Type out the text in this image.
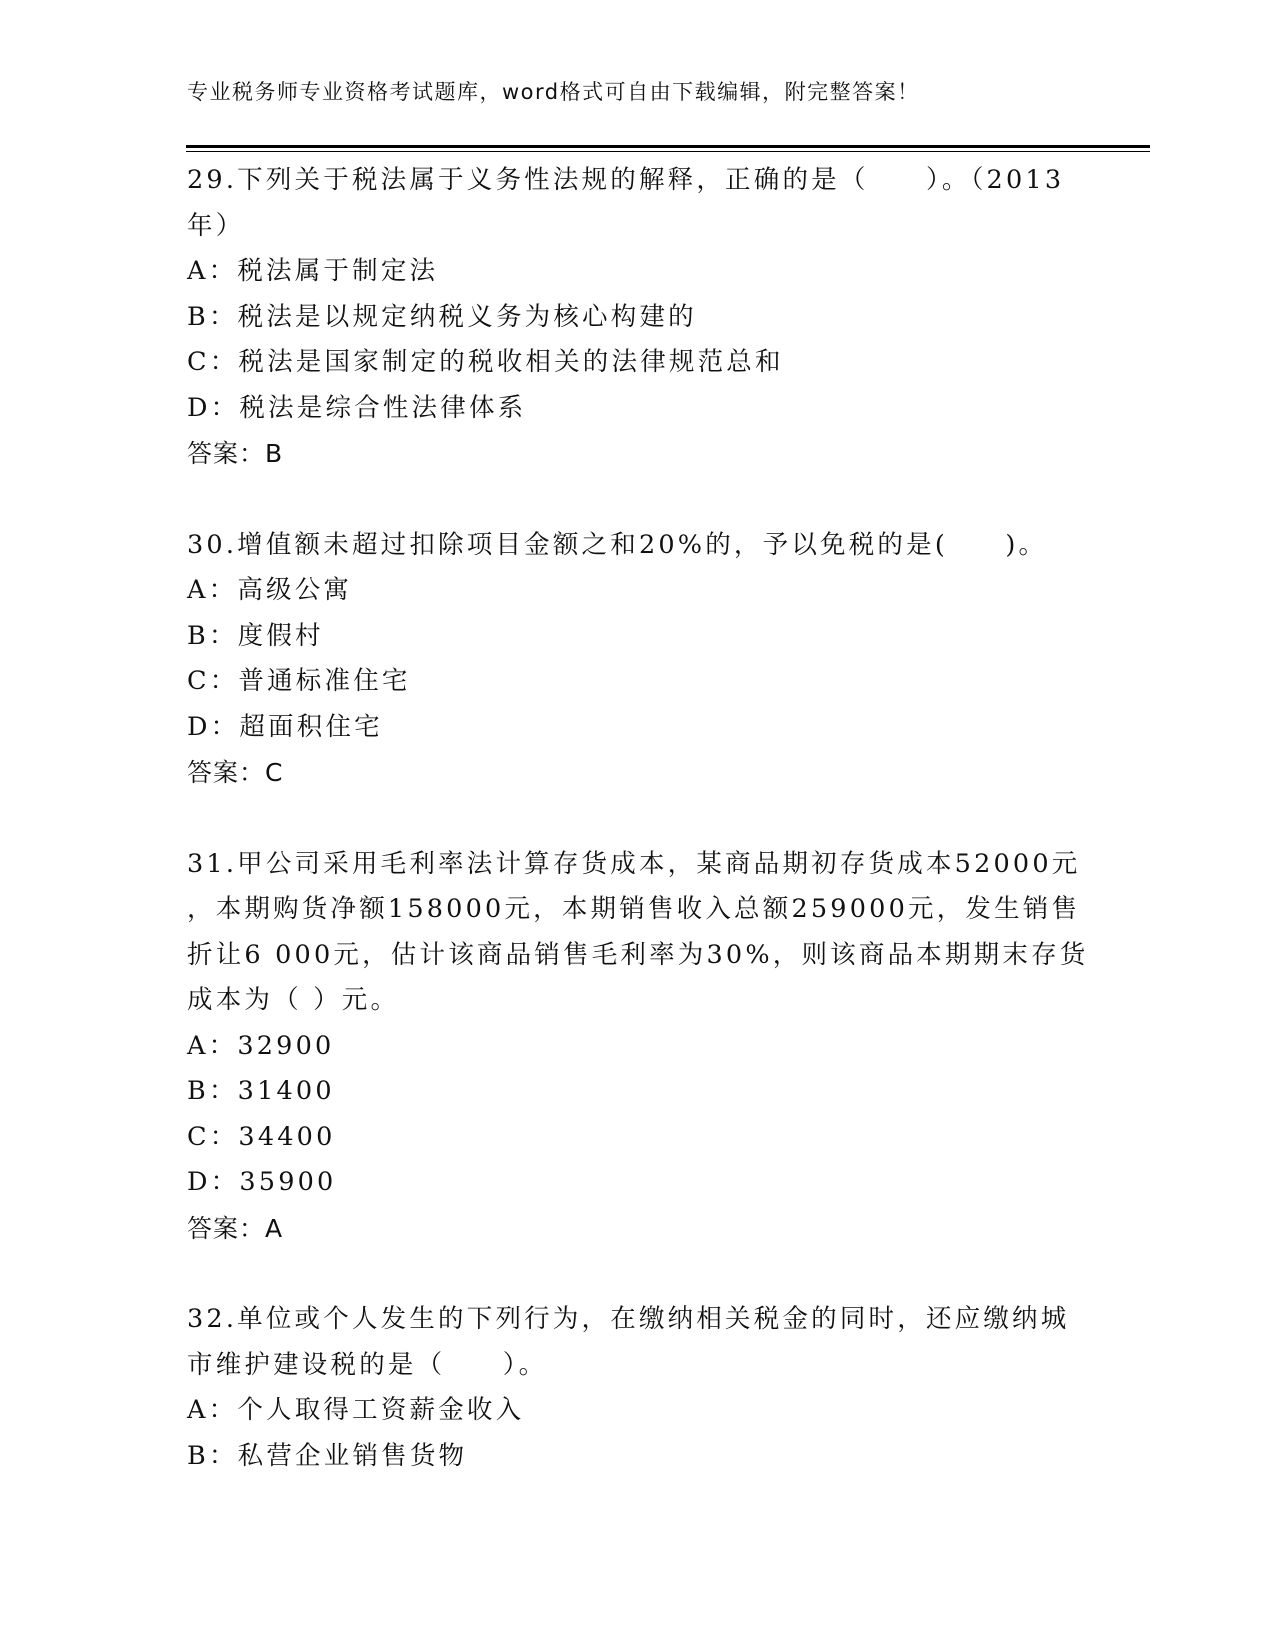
专业税务师专业资格考试题库，word格式可自由下载编辑，附完整答案！
29.下列关于税法属于义务性法规的解释，正确的是（　　）。（2013
年）
A：税法属于制定法
B：税法是以规定纳税义务为核心构建的
C：税法是国家制定的税收相关的法律规范总和
D：税法是综合性法律体系
答案：B
30.增值额未超过扣除项目金额之和20%的，予以免税的是(　　)。
A：高级公寓
B：度假村
C：普通标准住宅
D：超面积住宅
答案：C
31.甲公司采用毛利率法计算存货成本，某商品期初存货成本52000元
，本期购货净额158000元，本期销售收入总额259000元，发生销售
折让6 000元，估计该商品销售毛利率为30%，则该商品本期期末存货
成本为（ ）元。
A：32900
B：31400
C：34400
D：35900
答案：A
32.单位或个人发生的下列行为，在缴纳相关税金的同时，还应缴纳城
市维护建设税的是（　　）。
A：个人取得工资薪金收入
B：私营企业销售货物
